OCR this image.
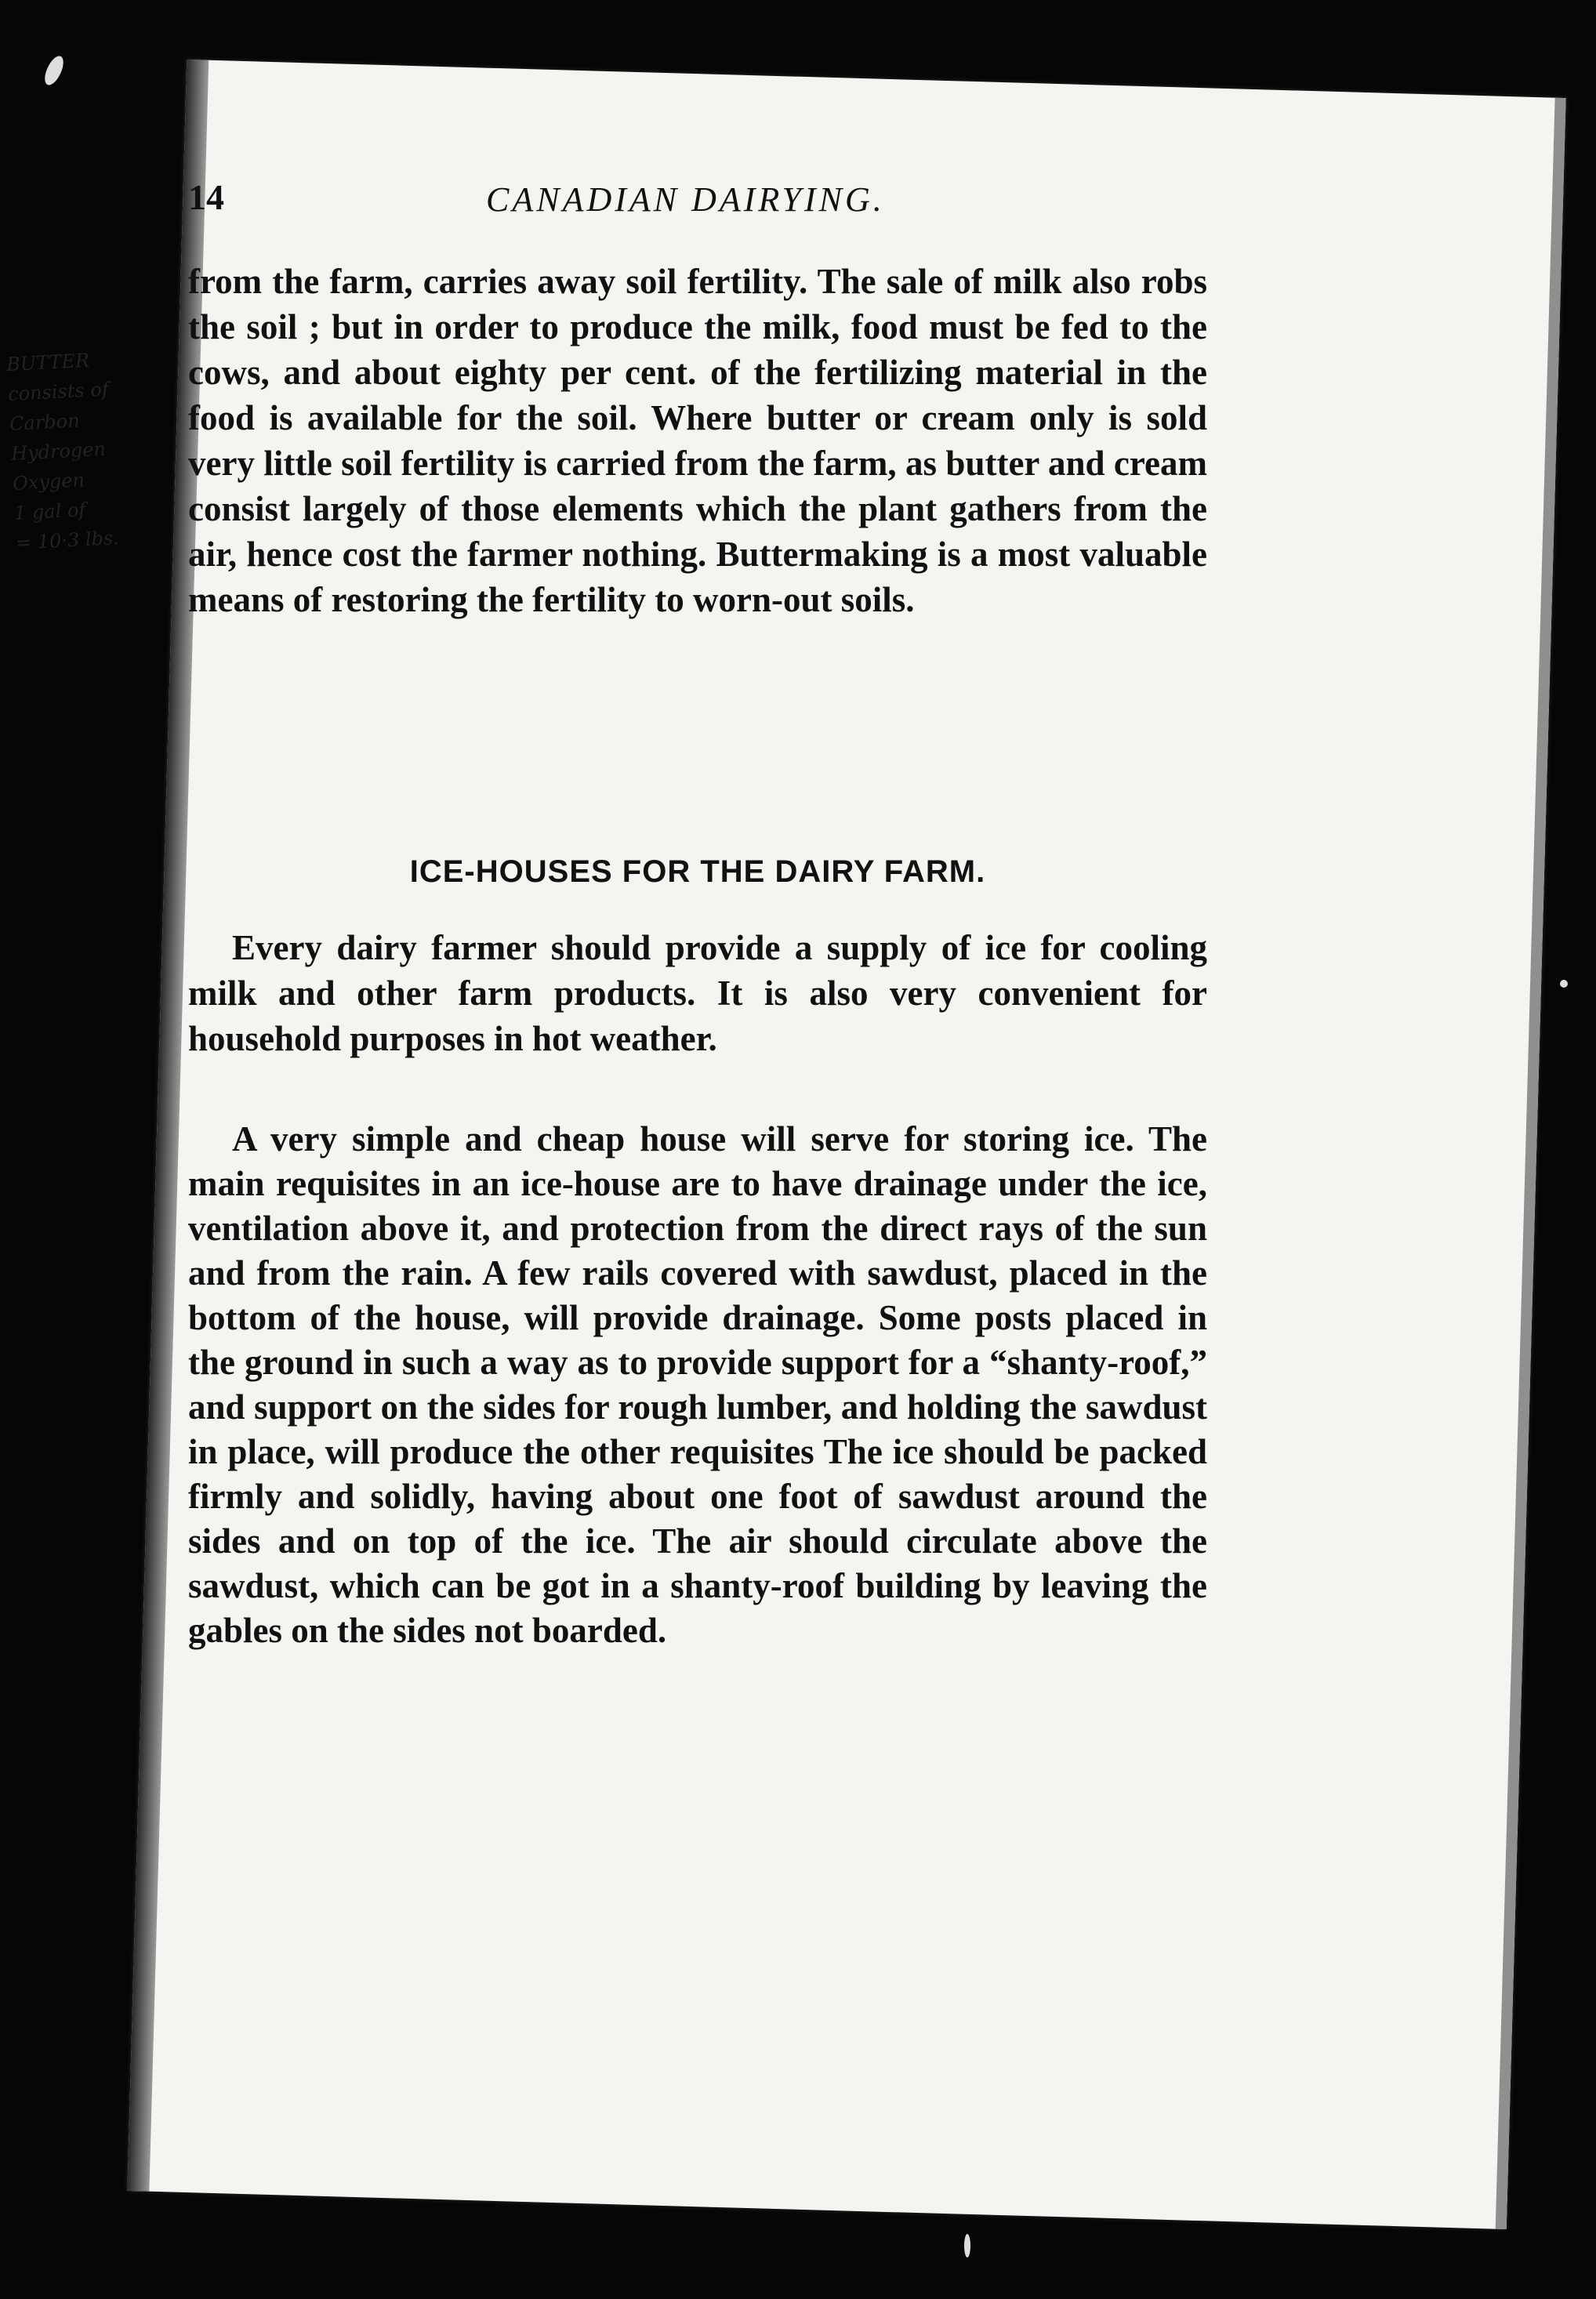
BUTTER
consists of
Carbon
Hydrogen
Oxygen
1 gal of
= 10·3 lbs.
14	CANADIAN DAIRYING.

from the farm, carries away soil fertility. The sale of milk also robs the soil ; but in order to produce the milk, food must be fed to the cows, and about eighty per cent. of the fertilizing material in the food is available for the soil. Where butter or cream only is sold very little soil fertility is carried from the farm, as butter and cream consist largely of those elements which the plant gathers from the air, hence cost the farmer nothing. Buttermaking is a most valuable means of restoring the fertility to worn-out soils.

ICE-HOUSES FOR THE DAIRY FARM.

Every dairy farmer should provide a supply of ice for cooling milk and other farm products. It is also very convenient for household purposes in hot weather.

A very simple and cheap house will serve for storing ice. The main requisites in an ice-house are to have drainage under the ice, ventilation above it, and protection from the direct rays of the sun and from the rain. A few rails covered with sawdust, placed in the bottom of the house, will provide drainage. Some posts placed in the ground in such a way as to provide support for a “shanty-roof,” and support on the sides for rough lumber, and holding the sawdust in place, will produce the other requisites The ice should be packed firmly and solidly, having about one foot of sawdust around the sides and on top of the ice. The air should circulate above the sawdust, which can be got in a shanty-roof building by leaving the gables on the sides not boarded.
